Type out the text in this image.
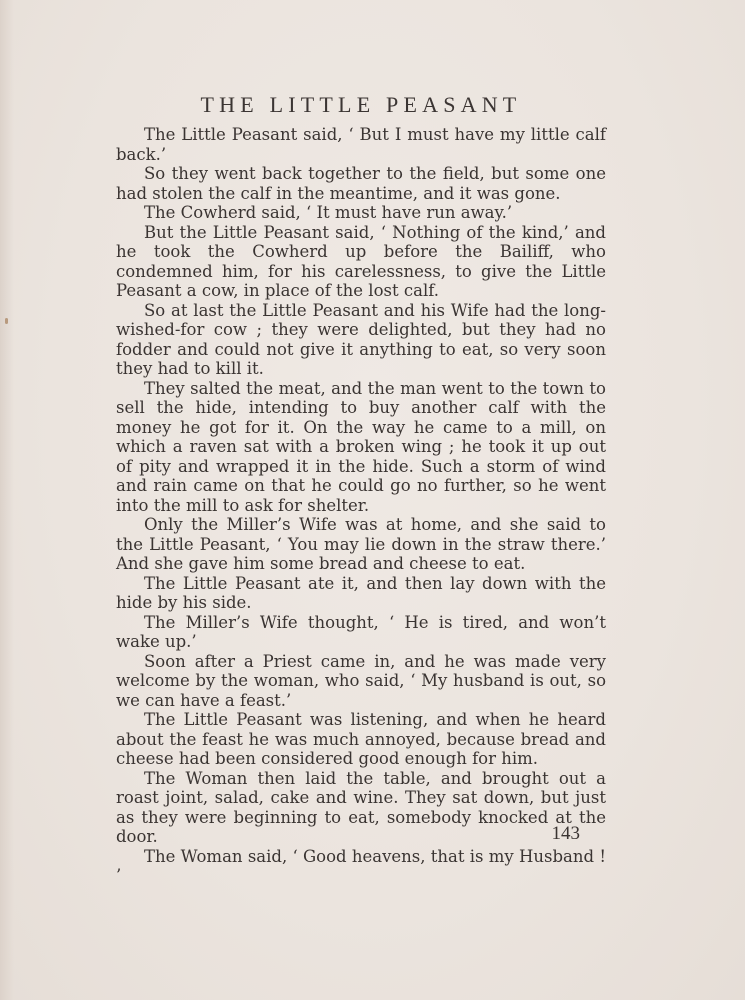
THE LITTLE PEASANT

The Little Peasant said, ‘ But I must have my little calf back.’

So they went back together to the field, but some one had stolen the calf in the meantime, and it was gone.

The Cowherd said, ‘ It must have run away.’

But the Little Peasant said, ‘ Nothing of the kind,’ and he took the Cowherd up before the Bailiff, who condemned him, for his carelessness, to give the Little Peasant a cow, in place of the lost calf.

So at last the Little Peasant and his Wife had the long-wished-for cow ; they were delighted, but they had no fodder and could not give it anything to eat, so very soon they had to kill it.

They salted the meat, and the man went to the town to sell the hide, intending to buy another calf with the money he got for it. On the way he came to a mill, on which a raven sat with a broken wing ; he took it up out of pity and wrapped it in the hide. Such a storm of wind and rain came on that he could go no further, so he went into the mill to ask for shelter.

Only the Miller’s Wife was at home, and she said to the Little Peasant, ‘ You may lie down in the straw there.’ And she gave him some bread and cheese to eat.

The Little Peasant ate it, and then lay down with the hide by his side.

The Miller’s Wife thought, ‘ He is tired, and won’t wake up.’

Soon after a Priest came in, and he was made very welcome by the woman, who said, ‘ My husband is out, so we can have a feast.’

The Little Peasant was listening, and when he heard about the feast he was much annoyed, because bread and cheese had been considered good enough for him.

The Woman then laid the table, and brought out a roast joint, salad, cake and wine. They sat down, but just as they were beginning to eat, somebody knocked at the door.

The Woman said, ‘ Good heavens, that is my Husband ! ’

143
